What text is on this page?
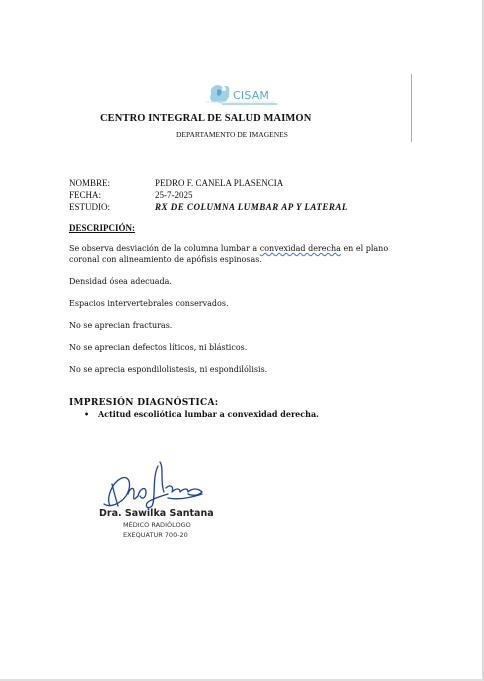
CISAM
CENTRO INTEGRAL DE SALUD MAIMON
DEPARTAMENTO DE IMAGENES
NOMBRE:	PEDRO F. CANELA PLASENCIA
FECHA:	25-7-2025
ESTUDIO:	RX DE COLUMNA LUMBAR AP Y LATERAL
DESCRIPCIÓN:
Se observa desviación de la columna lumbar a convexidad derecha en el plano coronal con alineamiento de apófisis espinosas.
Densidad ósea adecuada.
Espacios intervertebrales conservados.
No se aprecian fracturas.
No se aprecian defectos líticos, ni blásticos.
No se aprecia espondilolistesis, ni espondilólisis.
IMPRESIÓN DIAGNÓSTICA:
• Actitud escoliótica lumbar a convexidad derecha.
Dra. Sawilka Santana
MÉDICO RADIÓLOGO
EXEQUATUR 700-20
